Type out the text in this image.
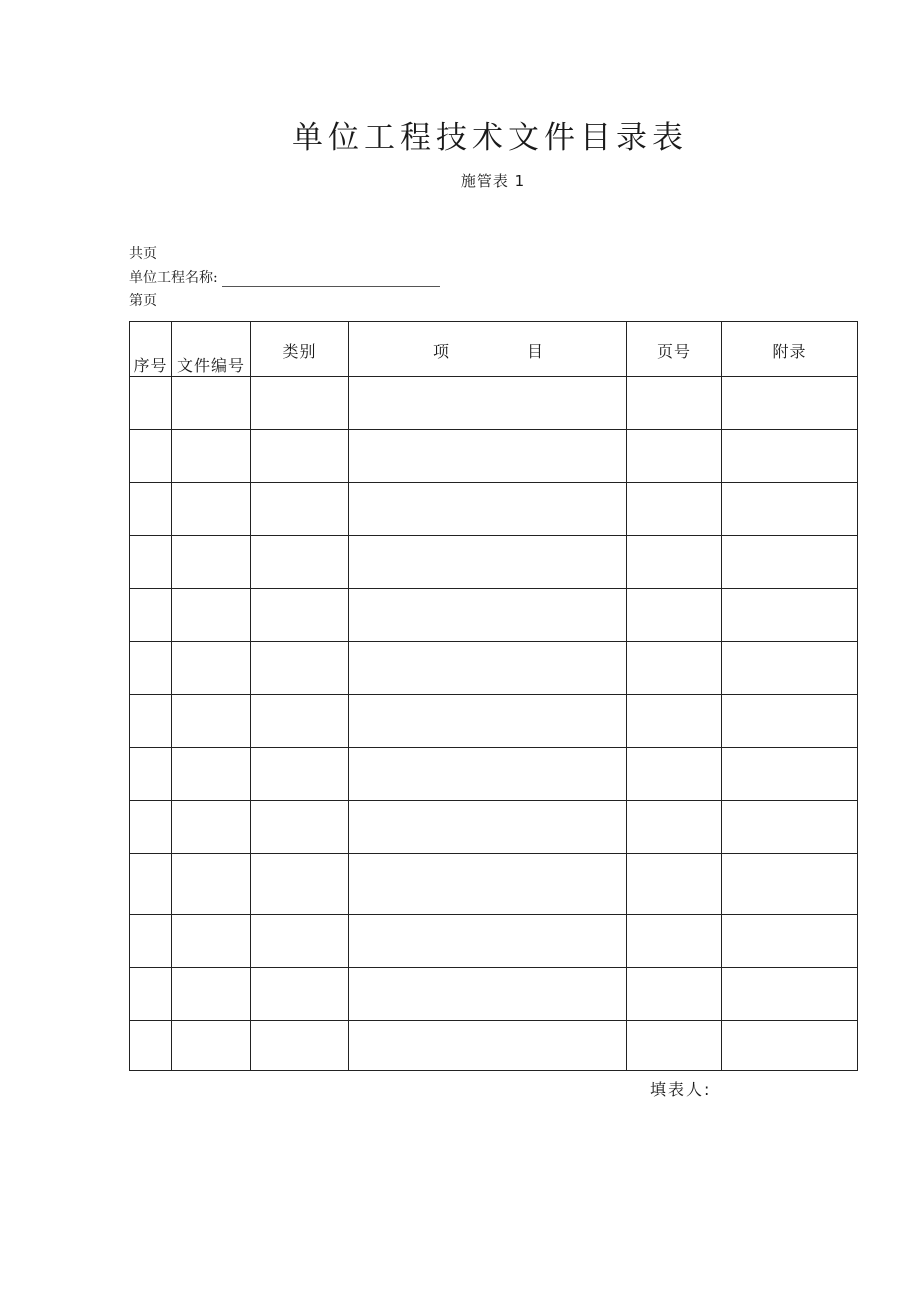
单位工程技术文件目录表
施管表 1
共页
单位工程名称:
第页
序号	文件编号	类别	项 目	页号	附录

填表人:
